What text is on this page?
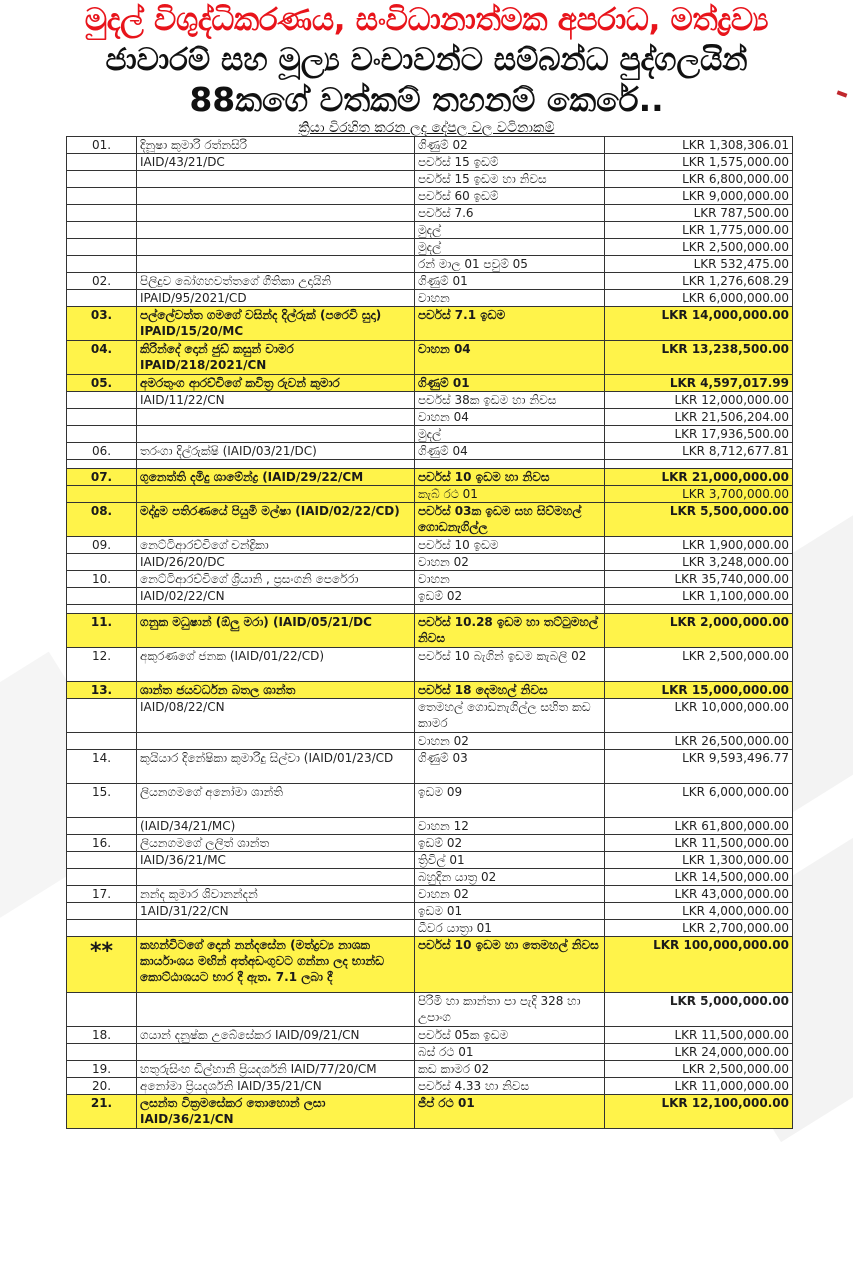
මුදල් විශුද්ධිකරණය, සංවිධානාත්මක අපරාධ, මත්ද්‍රව්‍ය
ජාවාරම් සහ මූල්‍ය වංචාවන්ට සම්බන්ධ පුද්ගලයින්
88කගේ වත්කම් තහනම් කෙරේ..
ක්‍රියා විරහිත කරන ලද දේපල වල වටිනාකම්
01.	දිනූෂා කුමාරි රත්නසිරි	ගිණුම් 02	LKR 1,308,306.01
	IAID/43/21/DC	පර්චස් 15 ඉඩම්	LKR 1,575,000.00
		පර්චස් 15 ඉඩම හා නිවස	LKR 6,800,000.00
		පර්චස් 60 ඉඩම්	LKR 9,000,000.00
		පර්චස් 7.6	LKR 787,500.00
		මුදල්	LKR 1,775,000.00
		මුදල්	LKR 2,500,000.00
		රන් මාල 01 පවුම් 05	LKR 532,475.00
02.	පිලිදුව බෝගහවත්තගේ ගීතිකා උදායිනි	ගිණුම් 01	LKR 1,276,608.29
	IPAID/95/2021/CD	වාහන	LKR 6,000,000.00
03.	පල්ලේවත්ත ගමගේ වසින්ද දිල්රුක් (පරෙවි සුදා) IPAID/15/20/MC	පර්චස් 7.1 ඉඩම	LKR 14,000,000.00
04.	කිරින්දේ දොන් ජුඩ් කසුන් චාමර IPAID/218/2021/CN	වාහන 04	LKR 13,238,500.00
05.	අමරතුංග ආරච්චිගේ කවිත්‍ර රුවන් කුමාර	ගිණුම් 01	LKR 4,597,017.99
	IAID/11/22/CN	පර්චස් 38ක ඉඩම හා නිවස	LKR 12,000,000.00
		වාහන 04	LKR 21,506,204.00
		මුදල්	LKR 17,936,500.00
06.	තරංගා දිල්රුක්ෂි (IAID/03/21/DC)	ගිණුම් 04	LKR 8,712,677.81

07.	ගුනෙත්ති දමිදු ශාමේන්ද්‍ර (IAID/29/22/CM	පර්චස් 10 ඉඩම හා නිවස	LKR 21,000,000.00
		කැබ් රථ 01	LKR 3,700,000.00
08.	මද්දුම පතිරණයේ පියුමි මල්ෂා (IAID/02/22/CD)	පර්චස් 03ක ඉඩම සහ සිව්මහල් ගොඩනැගිල්ල	LKR 5,500,000.00
09.	නෙට්ටිආරච්චිගේ චන්ද්‍රිකා	පර්චස් 10 ඉඩම	LKR 1,900,000.00
	IAID/26/20/DC	වාහන 02	LKR 3,248,000.00
10.	නෙට්ටිආරච්චිගේ ශ්‍රියානි , ප්‍රසංගනි පෙරේරා	වාහන	LKR 35,740,000.00
	IAID/02/22/CN	ඉඩම් 02	LKR 1,100,000.00

11.	ගනුක මධුෂාන් (ඕලු මරා) (IAID/05/21/DC	පර්චස් 10.28 ඉඩම හා තට්ටුමහල් නිවස	LKR 2,000,000.00
12.	අකුරණගේ ජනක (IAID/01/22/CD)	පර්චස් 10 බැගින් ඉඩම කැබලි 02	LKR 2,500,000.00
13.	ශාන්ත ජයවර්ධන බතල ශාන්ත	පර්චස් 18 දෙමහල් නිවස	LKR 15,000,000.00
	IAID/08/22/CN	තෙමහල් ගොඩනැගිල්ල සහිත කඩ කාමර	LKR 10,000,000.00
		වාහන 02	LKR 26,500,000.00
14.	කුයියාර දිනේෂිකා කුමාරිදු සිල්වා (IAID/01/23/CD	ගිණුම් 03	LKR 9,593,496.77
15.	ලියනගමගේ අනෝමා ශාන්ති	ඉඩම 09	LKR 6,000,000.00
	(IAID/34/21/MC)	වාහන 12	LKR 61,800,000.00
16.	ලියනගමගේ ලලිත් ශාන්ත	ඉඩම් 02	LKR 11,500,000.00
	IAID/36/21/MC	ත්‍රිවිල් 01	LKR 1,300,000.00
		බහුදින යාත්‍ර 02	LKR 14,500,000.00
17.	නන්ද කුමාර ශිවානන්දන්	වාහන 02	LKR 43,000,000.00
	1AID/31/22/CN	ඉඩම 01	LKR 4,000,000.00
		ධීවර යාත්‍රා 01	LKR 2,700,000.00
**	කහන්විටගේ දොන් නන්දසේන (මත්ද්‍රව්‍ය නාශක කාර්යාංශය මඟින් අත්අඩංගුවට ගන්නා ලද භාන්ඩ කොට්ඨාශයට භාර දී ඇත. 7.1 ලබා දී	පර්චස් 10 ඉඩම හා තෙමහල් නිවස	LKR 100,000,000.00
		පිරිමි හා කාන්තා පා පැදි 328 හා උපාංග	LKR 5,000,000.00
18.	ගයාන් දනුෂ්ක උබේසේකර IAID/09/21/CN	පර්චස් 05ක ඉඩම	LKR 11,500,000.00
		බස් රථ 01	LKR 24,000,000.00
19.	හතුරුසිංහ ඩිල්හානි ප්‍රියදර්ශනි IAID/77/20/CM	කඩ කාමර 02	LKR 2,500,000.00
20.	අනෝමා ප්‍රියදර්ශනි IAID/35/21/CN	පර්චස් 4.33 හා නිවස	LKR 11,000,000.00
21.	ලසන්ත වික්‍රමසේකර තොහොන් ලසා IAID/36/21/CN	ජීප් රථ 01	LKR 12,100,000.00
